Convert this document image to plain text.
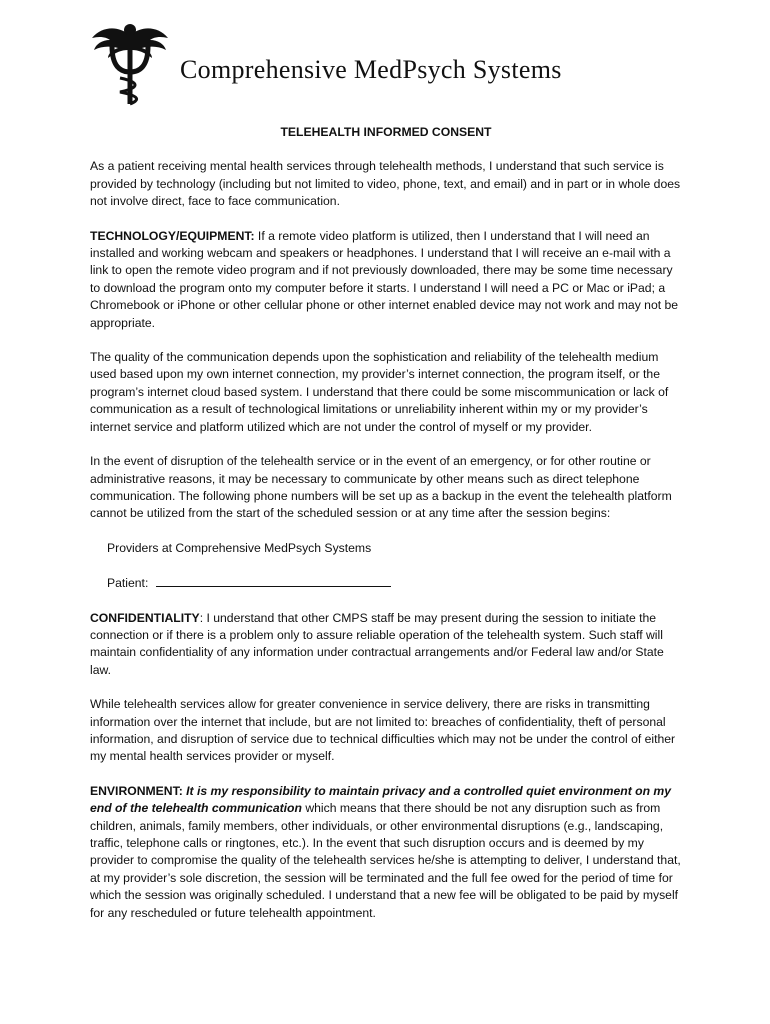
Comprehensive MedPsych Systems
TELEHEALTH INFORMED CONSENT

As a patient receiving mental health services through telehealth methods, I understand that such service is provided by technology (including but not limited to video, phone, text, and email) and in part or in whole does not involve direct, face to face communication.

TECHNOLOGY/EQUIPMENT: If a remote video platform is utilized, then I understand that I will need an installed and working webcam and speakers or headphones. I understand that I will receive an e-mail with a link to open the remote video program and if not previously downloaded, there may be some time necessary to download the program onto my computer before it starts. I understand I will need a PC or Mac or iPad; a Chromebook or iPhone or other cellular phone or other internet enabled device may not work and may not be appropriate.

The quality of the communication depends upon the sophistication and reliability of the telehealth medium used based upon my own internet connection, my provider’s internet connection, the program itself, or the program’s internet cloud based system. I understand that there could be some miscommunication or lack of communication as a result of technological limitations or unreliability inherent within my or my provider’s internet service and platform utilized which are not under the control of myself or my provider.

In the event of disruption of the telehealth service or in the event of an emergency, or for other routine or administrative reasons, it may be necessary to communicate by other means such as direct telephone communication. The following phone numbers will be set up as a backup in the event the telehealth platform cannot be utilized from the start of the scheduled session or at any time after the session begins:

Providers at Comprehensive MedPsych Systems
Patient:

CONFIDENTIALITY: I understand that other CMPS staff be may present during the session to initiate the connection or if there is a problem only to assure reliable operation of the telehealth system. Such staff will maintain confidentiality of any information under contractual arrangements and/or Federal law and/or State law.

While telehealth services allow for greater convenience in service delivery, there are risks in transmitting information over the internet that include, but are not limited to: breaches of confidentiality, theft of personal information, and disruption of service due to technical difficulties which may not be under the control of either my mental health services provider or myself.

ENVIRONMENT: It is my responsibility to maintain privacy and a controlled quiet environment on my end of the telehealth communication which means that there should be not any disruption such as from children, animals, family members, other individuals, or other environmental disruptions (e.g., landscaping, traffic, telephone calls or ringtones, etc.). In the event that such disruption occurs and is deemed by my provider to compromise the quality of the telehealth services he/she is attempting to deliver, I understand that, at my provider’s sole discretion, the session will be terminated and the full fee owed for the period of time for which the session was originally scheduled. I understand that a new fee will be obligated to be paid by myself for any rescheduled or future telehealth appointment.
